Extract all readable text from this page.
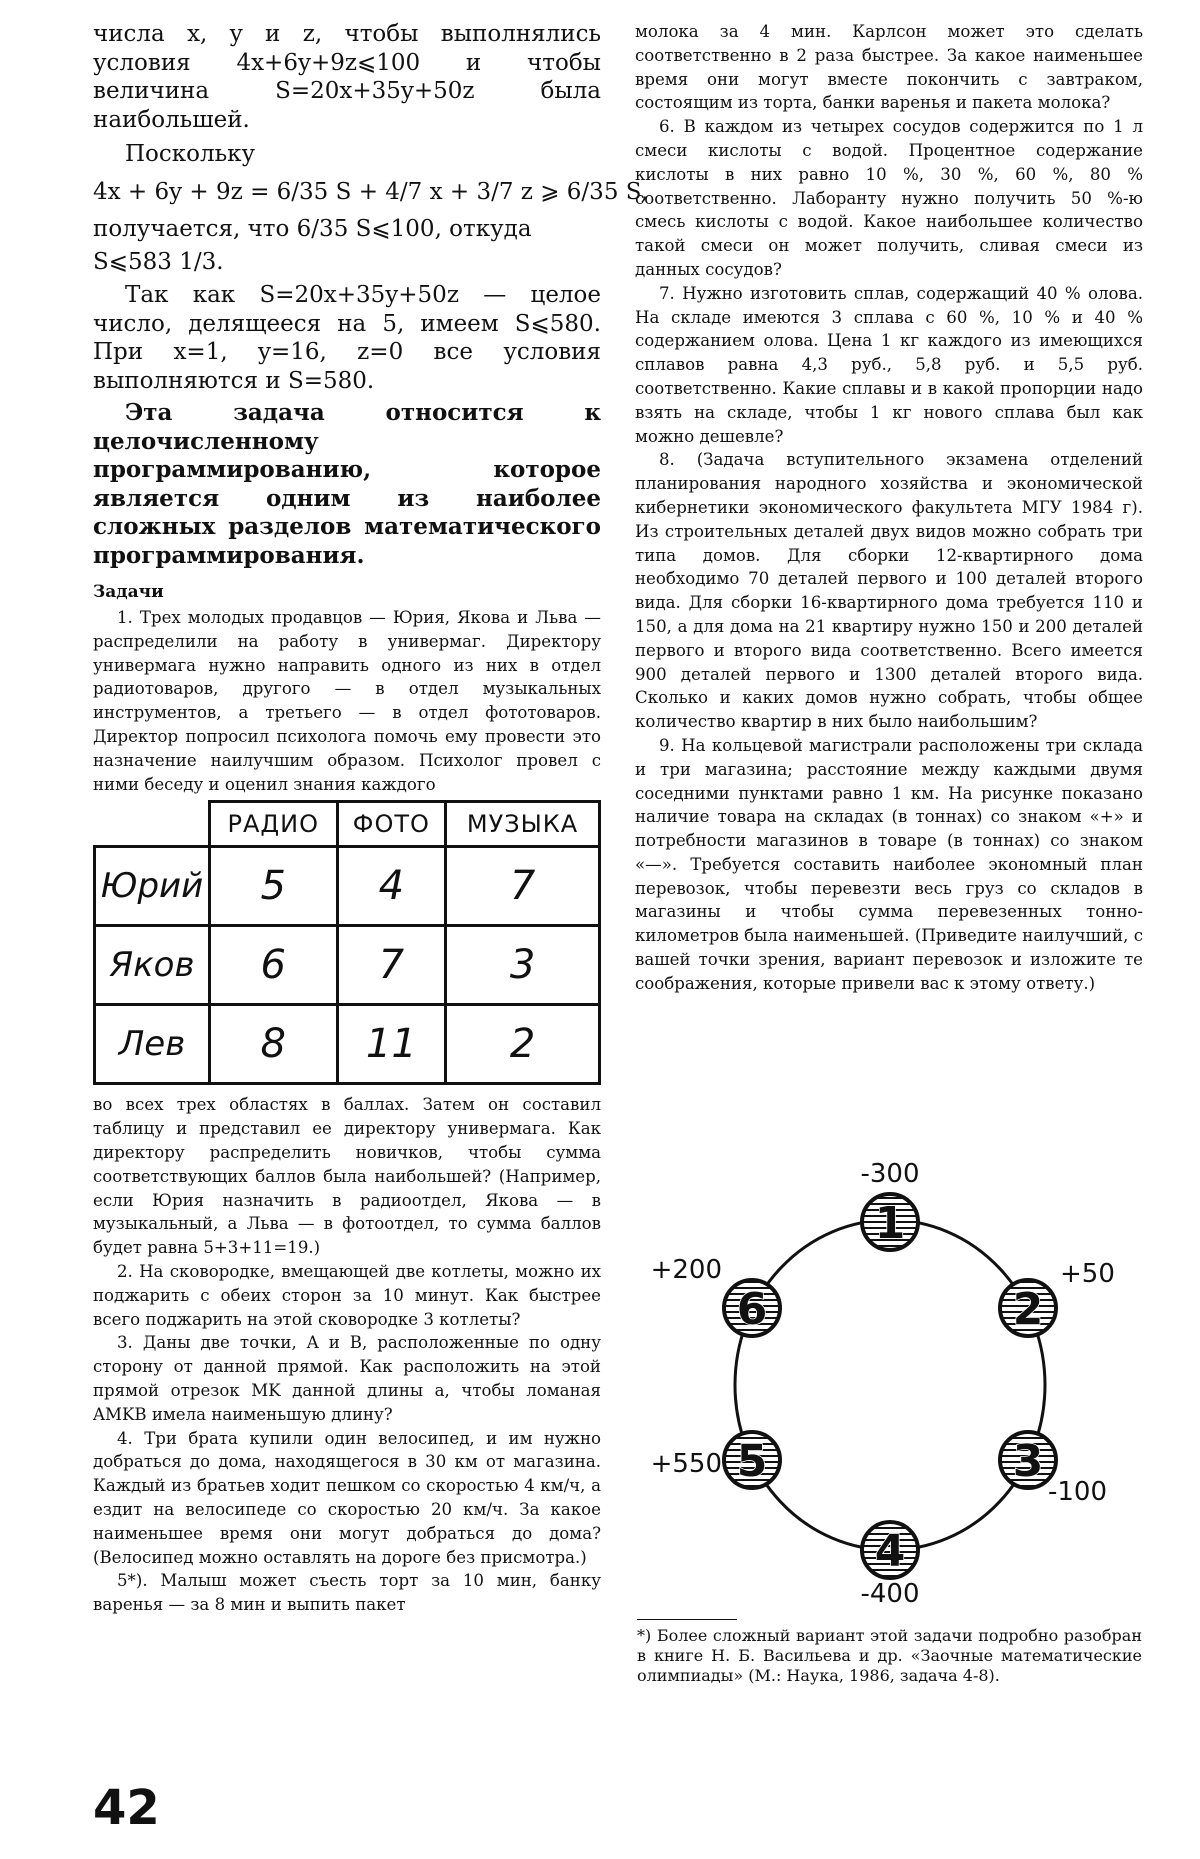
числа x, y и z, чтобы выполнялись условия 4x+6y+9z⩽100 и чтобы величина S=20x+35y+50z была наибольшей.

Поскольку

4x + 6y + 9z = 6/35 S + 4/7 x + 3/7 z ⩾ 6/35 S,

получается, что 6/35 S⩽100, откуда

S⩽583 1/3.

Так как S=20x+35y+50z — целое число, делящееся на 5, имеем S⩽580. При x=1, y=16, z=0 все условия выполняются и S=580.

Эта задача относится к целочисленному программированию, которое является одним из наиболее сложных разделов математического программирования.

Задачи

1. Трех молодых продавцов — Юрия, Якова и Льва — распределили на работу в универмаг. Директору универмага нужно направить одного из них в отдел радиотоваров, другого — в отдел музыкальных инструментов, а третьего — в отдел фототоваров. Директор попросил психолога помочь ему провести это назначение наилучшим образом. Психолог провел с ними беседу и оценил знания каждого

	РАДИО	ФОТО	МУЗЫКА
Юрий	5	4	7
Яков	6	7	3
Лев	8	11	2

во всех трех областях в баллах. Затем он составил таблицу и представил ее директору универмага. Как директору распределить новичков, чтобы сумма соответствующих баллов была наибольшей? (Например, если Юрия назначить в радиоотдел, Якова — в музыкальный, а Льва — в фотоотдел, то сумма баллов будет равна 5+3+11=19.)

2. На сковородке, вмещающей две котлеты, можно их поджарить с обеих сторон за 10 минут. Как быстрее всего поджарить на этой сковородке 3 котлеты?

3. Даны две точки, A и B, расположенные по одну сторону от данной прямой. Как расположить на этой прямой отрезок MK данной длины a, чтобы ломаная AMKB имела наименьшую длину?

4. Три брата купили один велосипед, и им нужно добраться до дома, находящегося в 30 км от магазина. Каждый из братьев ходит пешком со скоростью 4 км/ч, а ездит на велосипеде со скоростью 20 км/ч. За какое наименьшее время они могут добраться до дома? (Велосипед можно оставлять на дороге без присмотра.)

5*). Малыш может съесть торт за 10 мин, банку варенья — за 8 мин и выпить пакет

молока за 4 мин. Карлсон может это сделать соответственно в 2 раза быстрее. За какое наименьшее время они могут вместе покончить с завтраком, состоящим из торта, банки варенья и пакета молока?

6. В каждом из четырех сосудов содержится по 1 л смеси кислоты с водой. Процентное содержание кислоты в них равно 10 %, 30 %, 60 %, 80 % соответственно. Лаборанту нужно получить 50 %-ю смесь кислоты с водой. Какое наибольшее количество такой смеси он может получить, сливая смеси из данных сосудов?

7. Нужно изготовить сплав, содержащий 40 % олова. На складе имеются 3 сплава с 60 %, 10 % и 40 % содержанием олова. Цена 1 кг каждого из имеющихся сплавов равна 4,3 руб., 5,8 руб. и 5,5 руб. соответственно. Какие сплавы и в какой пропорции надо взять на складе, чтобы 1 кг нового сплава был как можно дешевле?

8. (Задача вступительного экзамена отделений планирования народного хозяйства и экономической кибернетики экономического факультета МГУ 1984 г). Из строительных деталей двух видов можно собрать три типа домов. Для сборки 12-квартирного дома необходимо 70 деталей первого и 100 деталей второго вида. Для сборки 16-квартирного дома требуется 110 и 150, а для дома на 21 квартиру нужно 150 и 200 деталей первого и второго вида соответственно. Всего имеется 900 деталей первого и 1300 деталей второго вида. Сколько и каких домов нужно собрать, чтобы общее количество квартир в них было наибольшим?

9. На кольцевой магистрали расположены три склада и три магазина; расстояние между каждыми двумя соседними пунктами равно 1 км. На рисунке показано наличие товара на складах (в тоннах) со знаком «+» и потребности магазинов в товаре (в тоннах) со знаком «—». Требуется составить наиболее экономный план перевозок, чтобы перевезти весь груз со складов в магазины и чтобы сумма перевезенных тонно-километров была наименьшей. (Приведите наилучший, с вашей точки зрения, вариант перевозок и изложите те соображения, которые привели вас к этому ответу.)

1
-300
2
+50
3
-100
4
-400
5
+550
6
+200
*) Более сложный вариант этой задачи подробно разобран в книге Н. Б. Васильева и др. «Заочные математические олимпиады» (М.: Наука, 1986, задача 4-8).
42
